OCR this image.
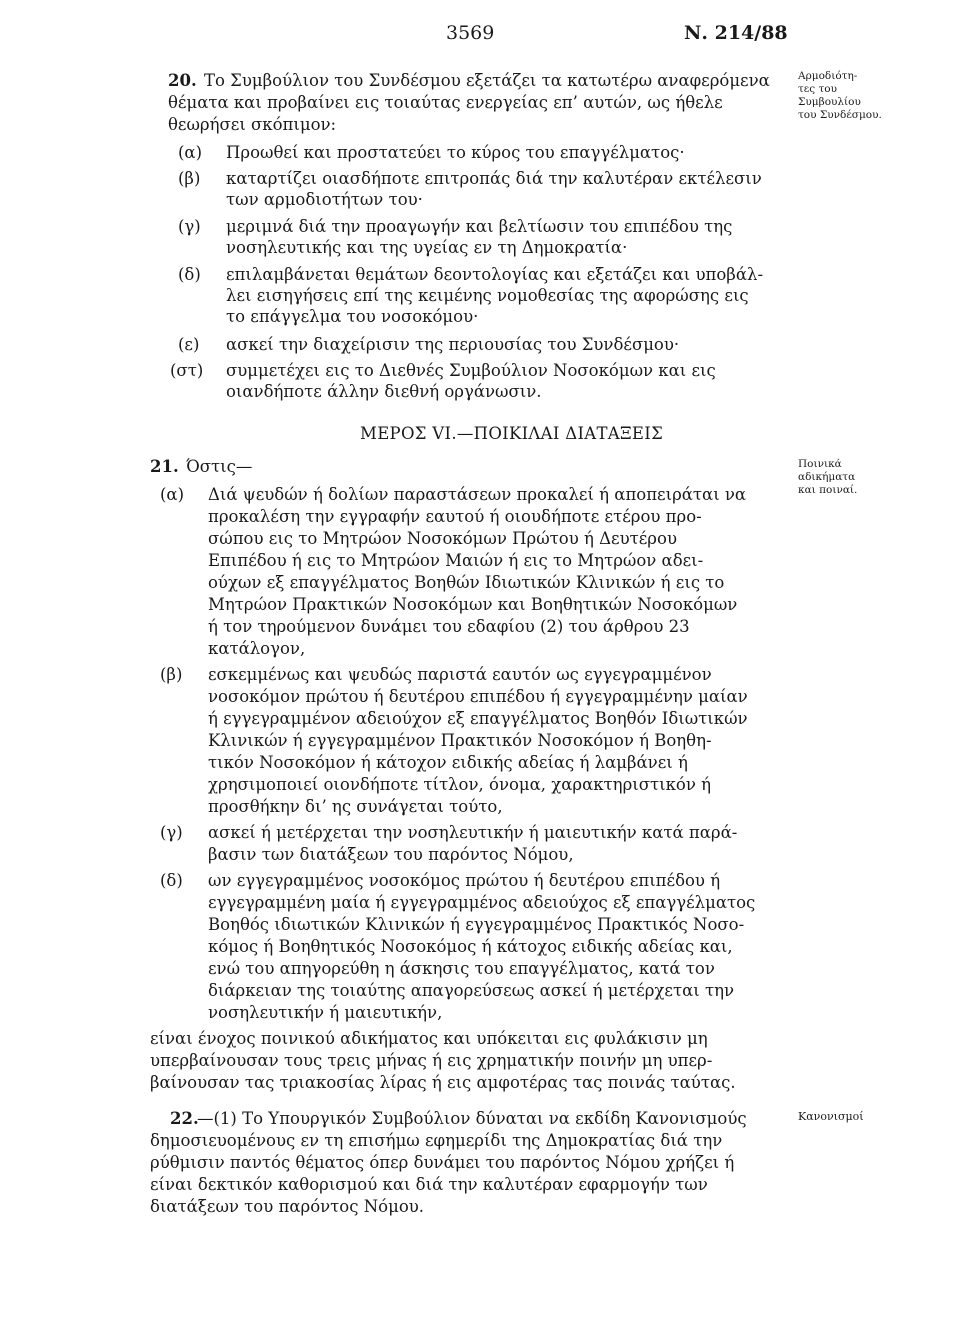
3569	Ν. 214/88
20. Το Συμβούλιον του Συνδέσμου εξετάζει τα κατωτέρω αναφερόμενα
θέματα και προβαίνει εις τοιαύτας ενεργείας επ’ αυτών, ως ήθελε
θεωρήσει σκόπιμον:
(α) Προωθεί και προστατεύει το κύρος του επαγγέλματος·
(β) καταρτίζει οιασδήποτε επιτροπάς διά την καλυτέραν εκτέλεσιν
των αρμοδιοτήτων του·
(γ) μεριμνά διά την προαγωγήν και βελτίωσιν του επιπέδου της
νοσηλευτικής και της υγείας εν τη Δημοκρατία·
(δ) επιλαμβάνεται θεμάτων δεοντολογίας και εξετάζει και υποβάλ-
λει εισηγήσεις επί της κειμένης νομοθεσίας της αφορώσης εις
το επάγγελμα του νοσοκόμου·
(ε) ασκεί την διαχείρισιν της περιουσίας του Συνδέσμου·
(στ) συμμετέχει εις το Διεθνές Συμβούλιον Νοσοκόμων και εις
οιανδήποτε άλλην διεθνή οργάνωσιν.
Αρμοδιότη-
τες του
Συμβουλίου
του Συνδέσμου.
ΜΕΡΟΣ VI.—ΠΟΙΚΙΛΑΙ ΔΙΑΤΑΞΕΙΣ
21. Όστις—
(α) Διά ψευδών ή δολίων παραστάσεων προκαλεί ή αποπειράται να
προκαλέση την εγγραφήν εαυτού ή οιουδήποτε ετέρου προ-
σώπου εις το Μητρώον Νοσοκόμων Πρώτου ή Δευτέρου
Επιπέδου ή εις το Μητρώον Μαιών ή εις το Μητρώον αδει-
ούχων εξ επαγγέλματος Βοηθών Ιδιωτικών Κλινικών ή εις το
Μητρώον Πρακτικών Νοσοκόμων και Βοηθητικών Νοσοκόμων
ή τον τηρούμενον δυνάμει του εδαφίου (2) του άρθρου 23
κατάλογον,
(β) εσκεμμένως και ψευδώς παριστά εαυτόν ως εγγεγραμμένον
νοσοκόμον πρώτου ή δευτέρου επιπέδου ή εγγεγραμμένην μαίαν
ή εγγεγραμμένον αδειούχον εξ επαγγέλματος Βοηθόν Ιδιωτικών
Κλινικών ή εγγεγραμμένον Πρακτικόν Νοσοκόμον ή Βοηθη-
τικόν Νοσοκόμον ή κάτοχον ειδικής αδείας ή λαμβάνει ή
χρησιμοποιεί οιονδήποτε τίτλον, όνομα, χαρακτηριστικόν ή
προσθήκην δι’ ης συνάγεται τούτο,
(γ) ασκεί ή μετέρχεται την νοσηλευτικήν ή μαιευτικήν κατά παρά-
βασιν των διατάξεων του παρόντος Νόμου,
(δ) ων εγγεγραμμένος νοσοκόμος πρώτου ή δευτέρου επιπέδου ή
εγγεγραμμένη μαία ή εγγεγραμμένος αδειούχος εξ επαγγέλματος
Βοηθός ιδιωτικών Κλινικών ή εγγεγραμμένος Πρακτικός Νοσο-
κόμος ή Βοηθητικός Νοσοκόμος ή κάτοχος ειδικής αδείας και,
ενώ του απηγορεύθη η άσκησις του επαγγέλματος, κατά τον
διάρκειαν της τοιαύτης απαγορεύσεως ασκεί ή μετέρχεται την
νοσηλευτικήν ή μαιευτικήν,
είναι ένοχος ποινικού αδικήματος και υπόκειται εις φυλάκισιν μη
υπερβαίνουσαν τους τρεις μήνας ή εις χρηματικήν ποινήν μη υπερ-
βαίνουσαν τας τριακοσίας λίρας ή εις αμφοτέρας τας ποινάς ταύτας.
Ποινικά
αδικήματα
και ποιναί.
22.
—(1) Το Υπουργικόν Συμβούλιον δύναται να εκδίδη Κανονισμούς
δημοσιευομένους εν τη επισήμω εφημερίδι της Δημοκρατίας διά την
ρύθμισιν παντός θέματος όπερ δυνάμει του παρόντος Νόμου χρήζει ή
είναι δεκτικόν καθορισμού και διά την καλυτέραν εφαρμογήν των
διατάξεων του παρόντος Νόμου.
Κανονισμοί
